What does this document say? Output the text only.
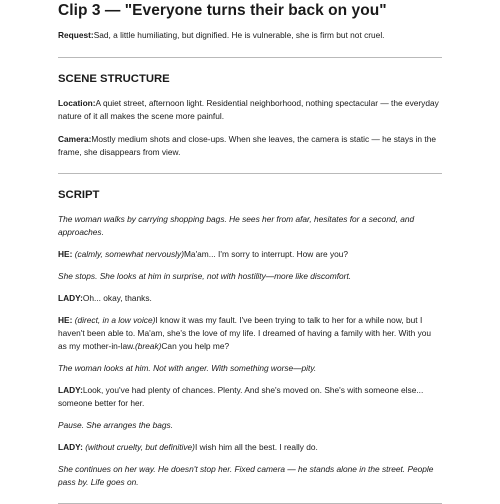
Clip 3 — "Everyone turns their back on you"

Request:Sad, a little humiliating, but dignified. He is vulnerable, she is firm but not cruel.

SCENE STRUCTURE

Location:A quiet street, afternoon light. Residential neighborhood, nothing spectacular — the everyday nature of it all makes the scene more painful.

Camera:Mostly medium shots and close-ups. When she leaves, the camera is static — he stays in the frame, she disappears from view.

SCRIPT

The woman walks by carrying shopping bags. He sees her from afar, hesitates for a second, and approaches.

HE: (calmly, somewhat nervously)Ma'am... I'm sorry to interrupt. How are you?

She stops. She looks at him in surprise, not with hostility—more like discomfort.

LADY:Oh... okay, thanks.

HE: (direct, in a low voice)I know it was my fault. I've been trying to talk to her for a while now, but I haven't been able to. Ma'am, she's the love of my life. I dreamed of having a family with her. With you as my mother-in-law.(break)Can you help me?

The woman looks at him. Not with anger. With something worse—pity.

LADY:Look, you've had plenty of chances. Plenty. And she's moved on. She's with someone else... someone better for her.

Pause. She arranges the bags.

LADY: (without cruelty, but definitive)I wish him all the best. I really do.

She continues on her way. He doesn't stop her. Fixed camera — he stands alone in the street. People pass by. Life goes on.
